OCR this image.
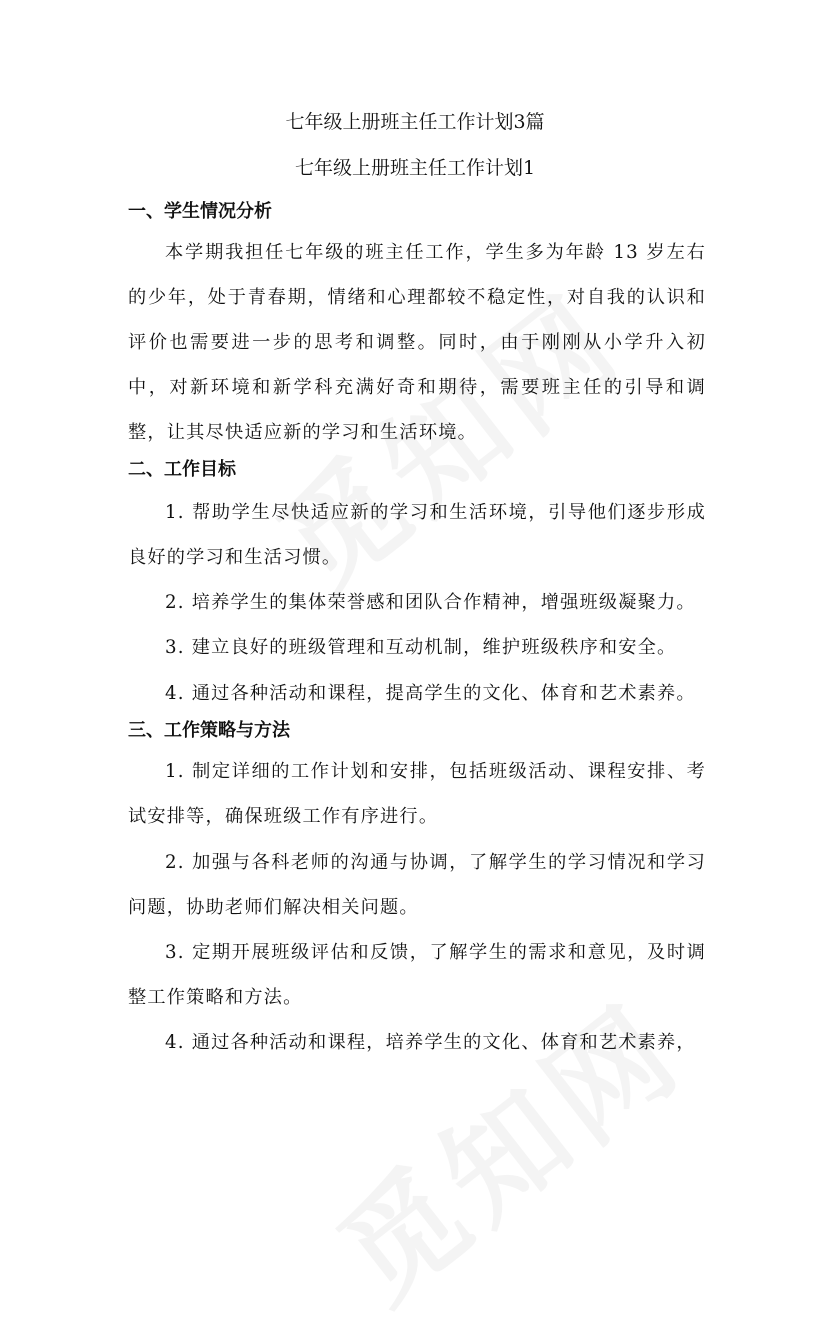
七年级上册班主任工作计划3篇
七年级上册班主任工作计划1
一、学生情况分析

本学期我担任七年级的班主任工作，学生多为年龄 13 岁左右的少年，处于青春期，情绪和心理都较不稳定性，对自我的认识和评价也需要进一步的思考和调整。同时，由于刚刚从小学升入初中，对新环境和新学科充满好奇和期待，需要班主任的引导和调整，让其尽快适应新的学习和生活环境。

二、工作目标

1. 帮助学生尽快适应新的学习和生活环境，引导他们逐步形成良好的学习和生活习惯。

2. 培养学生的集体荣誉感和团队合作精神，增强班级凝聚力。

3. 建立良好的班级管理和互动机制，维护班级秩序和安全。

4. 通过各种活动和课程，提高学生的文化、体育和艺术素养。

三、工作策略与方法

1. 制定详细的工作计划和安排，包括班级活动、课程安排、考试安排等，确保班级工作有序进行。

2. 加强与各科老师的沟通与协调，了解学生的学习情况和学习问题，协助老师们解决相关问题。

3. 定期开展班级评估和反馈，了解学生的需求和意见，及时调整工作策略和方法。

4. 通过各种活动和课程，培养学生的文化、体育和艺术素养，
